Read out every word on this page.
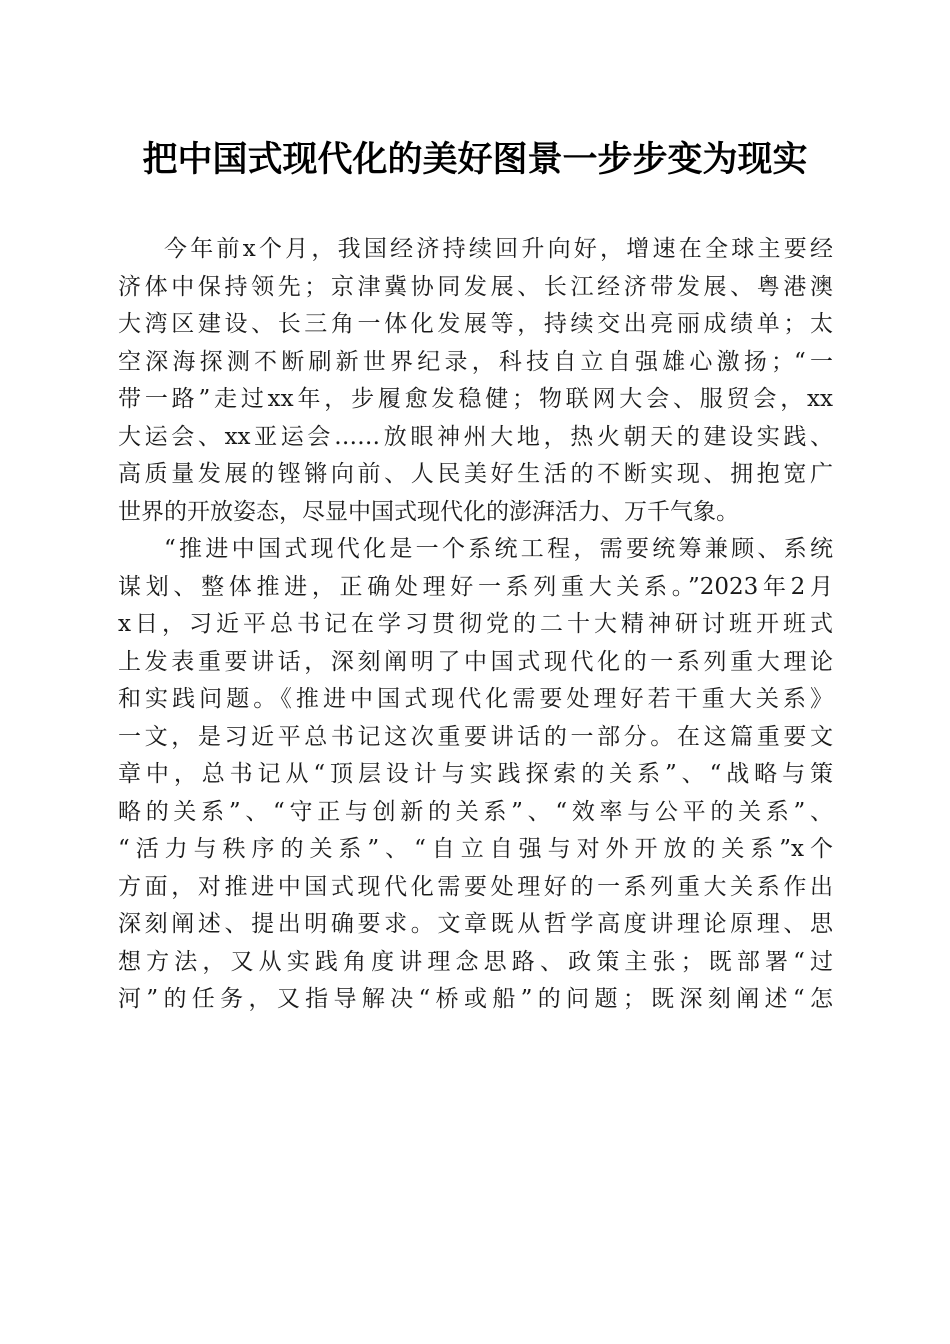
把中国式现代化的美好图景一步步变为现实
今年前x个月，我国经济持续回升向好，增速在全球主要经
济体中保持领先；京津冀协同发展、长江经济带发展、粤港澳
大湾区建设、长三角一体化发展等，持续交出亮丽成绩单；太
空深海探测不断刷新世界纪录，科技自立自强雄心激扬；“一
带一路”走过xx年，步履愈发稳健；物联网大会、服贸会，xx
大运会、xx亚运会……放眼神州大地，热火朝天的建设实践、
高质量发展的铿锵向前、人民美好生活的不断实现、拥抱宽广
世界的开放姿态，尽显中国式现代化的澎湃活力、万千气象。
“推进中国式现代化是一个系统工程，需要统筹兼顾、系统
谋划、整体推进，正确处理好一系列重大关系。”2023年2月
x日，习近平总书记在学习贯彻党的二十大精神研讨班开班式
上发表重要讲话，深刻阐明了中国式现代化的一系列重大理论
和实践问题。《推进中国式现代化需要处理好若干重大关系》
一文，是习近平总书记这次重要讲话的一部分。在这篇重要文
章中，总书记从“顶层设计与实践探索的关系”、“战略与策
略的关系”、“守正与创新的关系”、“效率与公平的关系”、
“活力与秩序的关系”、“自立自强与对外开放的关系”x个
方面，对推进中国式现代化需要处理好的一系列重大关系作出
深刻阐述、提出明确要求。文章既从哲学高度讲理论原理、思
想方法，又从实践角度讲理念思路、政策主张；既部署“过
河”的任务，又指导解决“桥或船”的问题；既深刻阐述“怎
